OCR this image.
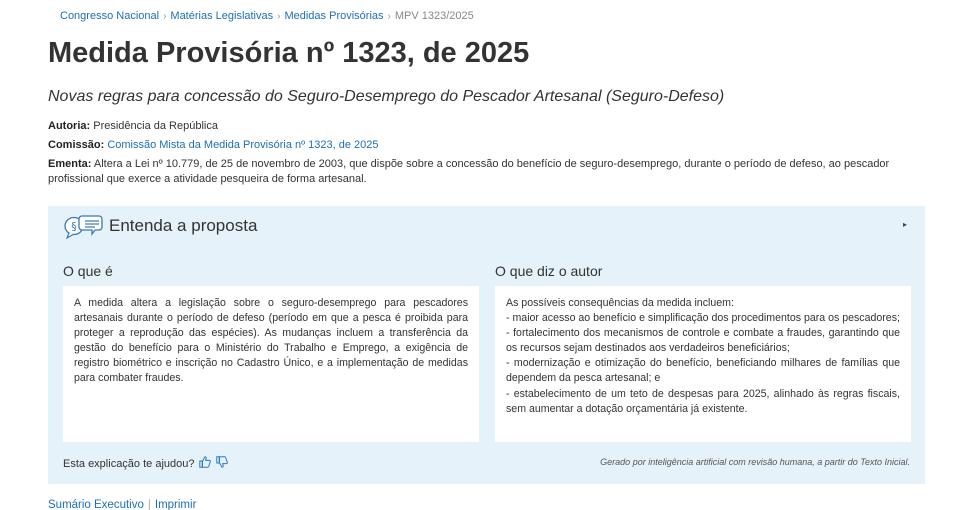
Congresso Nacional › Matérias Legislativas › Medidas Provisórias › MPV 1323/2025
Medida Provisória nº 1323, de 2025
Novas regras para concessão do Seguro-Desemprego do Pescador Artesanal (Seguro-Defeso)
Autoria: Presidência da República
Comissão: Comissão Mista da Medida Provisória nº 1323, de 2025
Ementa: Altera a Lei nº 10.779, de 25 de novembro de 2003, que dispõe sobre a concessão do benefício de seguro-desemprego, durante o período de defeso, ao pescador profissional que exerce a atividade pesqueira de forma artesanal.
§ Entenda a proposta	▸
O que é	O que diz o autor
A medida altera a legislação sobre o seguro-desemprego para pescadores artesanais durante o período de defeso (período em que a pesca é proibida para proteger a reprodução das espécies). As mudanças incluem a transferência da gestão do benefício para o Ministério do Trabalho e Emprego, a exigência de registro biométrico e inscrição no Cadastro Único, e a implementação de medidas para combater fraudes.
As possíveis consequências da medida incluem:
- maior acesso ao benefício e simplificação dos procedimentos para os pescadores;
- fortalecimento dos mecanismos de controle e combate a fraudes, garantindo que os recursos sejam destinados aos verdadeiros beneficiários;
- modernização e otimização do benefício, beneficiando milhares de famílias que dependem da pesca artesanal; e
- estabelecimento de um teto de despesas para 2025, alinhado às regras fiscais, sem aumentar a dotação orçamentária já existente.
Esta explicação te ajudou?	Gerado por inteligência artificial com revisão humana, a partir do Texto Inicial.
Sumário Executivo | Imprimir
